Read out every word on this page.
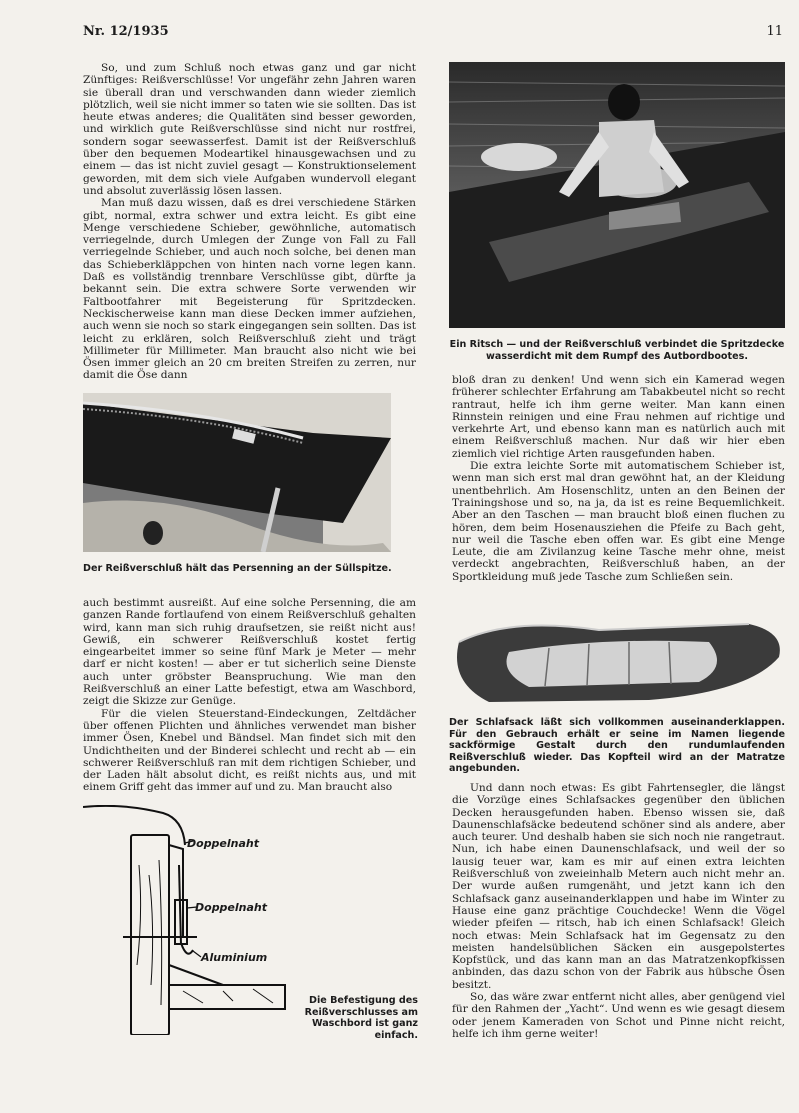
Nr. 12/1935	11

So, und zum Schluß noch etwas ganz und gar nicht Zünftiges: Reißverschlüsse! Vor ungefähr zehn Jahren waren sie überall dran und verschwanden dann wieder ziemlich plötzlich, weil sie nicht immer so taten wie sie sollten. Das ist heute etwas anderes; die Qualitäten sind besser geworden, und wirklich gute Reißverschlüsse sind nicht nur rostfrei, sondern sogar seewasserfest. Damit ist der Reißverschluß über den bequemen Modeartikel hinausgewachsen und zu einem — das ist nicht zuviel gesagt — Konstruktionselement geworden, mit dem sich viele Aufgaben wundervoll elegant und absolut zuverlässig lösen lassen.

Man muß dazu wissen, daß es drei verschiedene Stärken gibt, normal, extra schwer und extra leicht. Es gibt eine Menge verschiedene Schieber, gewöhnliche, automatisch verriegelnde, durch Umlegen der Zunge von Fall zu Fall verriegelnde Schieber, und auch noch solche, bei denen man das Schieberkläppchen von hinten nach vorne legen kann. Daß es vollständig trennbare Verschlüsse gibt, dürfte ja bekannt sein. Die extra schwere Sorte verwenden wir Faltbootfahrer mit Begeisterung für Spritzdecken. Neckischerweise kann man diese Decken immer aufziehen, auch wenn sie noch so stark eingegangen sein sollten. Das ist leicht zu erklären, solch Reißverschluß zieht und trägt Millimeter für Millimeter. Man braucht also nicht wie bei Ösen immer gleich an 20 cm breiten Streifen zu zerren, nur damit die Öse dann

Ein Ritsch — und der Reißverschluß verbindet die Spritzdecke wasserdicht mit dem Rumpf des Autbordbootes.

Der Reißverschluß hält das Persenning an der Süllspitze.

auch bestimmt ausreißt. Auf eine solche Persenning, die am ganzen Rande fortlaufend von einem Reißverschluß gehalten wird, kann man sich ruhig draufsetzen, sie reißt nicht aus! Gewiß, ein schwerer Reißverschluß kostet fertig eingearbeitet immer so seine fünf Mark je Meter — mehr darf er nicht kosten! — aber er tut sicherlich seine Dienste auch unter gröbster Beanspruchung. Wie man den Reißverschluß an einer Latte befestigt, etwa am Waschbord, zeigt die Skizze zur Genüge.

Für die vielen Steuerstand-Eindeckungen, Zeltdächer über offenen Plichten und ähnliches verwendet man bisher immer Ösen, Knebel und Bändsel. Man findet sich mit den Undichtheiten und der Binderei schlecht und recht ab — ein schwerer Reißverschluß ran mit dem richtigen Schieber, und der Laden hält absolut dicht, es reißt nichts aus, und mit einem Griff geht das immer auf und zu. Man braucht also

bloß dran zu denken! Und wenn sich ein Kamerad wegen früherer schlechter Erfahrung am Tabakbeutel nicht so recht rantraut, helfe ich ihm gerne weiter. Man kann einen Rinnstein reinigen und eine Frau nehmen auf richtige und verkehrte Art, und ebenso kann man es natürlich auch mit einem Reißverschluß machen. Nur daß wir hier eben ziemlich viel richtige Arten rausgefunden haben.

Die extra leichte Sorte mit automatischem Schieber ist, wenn man sich erst mal dran gewöhnt hat, an der Kleidung unentbehrlich. Am Hosenschlitz, unten an den Beinen der Trainingshose und so, na ja, da ist es reine Bequemlichkeit. Aber an den Taschen — man braucht bloß einen fluchen zu hören, dem beim Hosenausziehen die Pfeife zu Bach geht, nur weil die Tasche eben offen war. Es gibt eine Menge Leute, die am Zivilanzug keine Tasche mehr ohne, meist verdeckt angebrachten, Reißverschluß haben, an der Sportkleidung muß jede Tasche zum Schließen sein.

Der Schlafsack läßt sich vollkommen auseinanderklappen. Für den Gebrauch erhält er seine im Namen liegende sackförmige Gestalt durch den rundumlaufenden Reißverschluß wieder. Das Kopfteil wird an der Matratze angebunden.

Und dann noch etwas: Es gibt Fahrtensegler, die längst die Vorzüge eines Schlafsackes gegenüber den üblichen Decken herausgefunden haben. Ebenso wissen sie, daß Daunenschlafsäcke bedeutend schöner sind als andere, aber auch teurer. Und deshalb haben sie sich noch nie rangetraut. Nun, ich habe einen Daunenschlafsack, und weil der so lausig teuer war, kam es mir auf einen extra leichten Reißverschluß von zweieinhalb Metern auch nicht mehr an. Der wurde außen rumgenäht, und jetzt kann ich den Schlafsack ganz auseinanderklappen und habe im Winter zu Hause eine ganz prächtige Couchdecke! Wenn die Vögel wieder pfeifen — ritsch, hab ich einen Schlafsack! Gleich noch etwas: Mein Schlafsack hat im Gegensatz zu den meisten handelsüblichen Säcken ein ausgepolstertes Kopfstück, und das kann man an das Matratzenkopfkissen anbinden, das dazu schon von der Fabrik aus hübsche Ösen besitzt.

So, das wäre zwar entfernt nicht alles, aber genügend viel für den Rahmen der „Yacht“. Und wenn es wie gesagt diesem oder jenem Kameraden von Schot und Pinne nicht reicht, helfe ich ihm gerne weiter!

Doppelnaht
Doppelnaht
Aluminium

Die Befestigung des Reißverschlusses am Waschbord ist ganz einfach.
